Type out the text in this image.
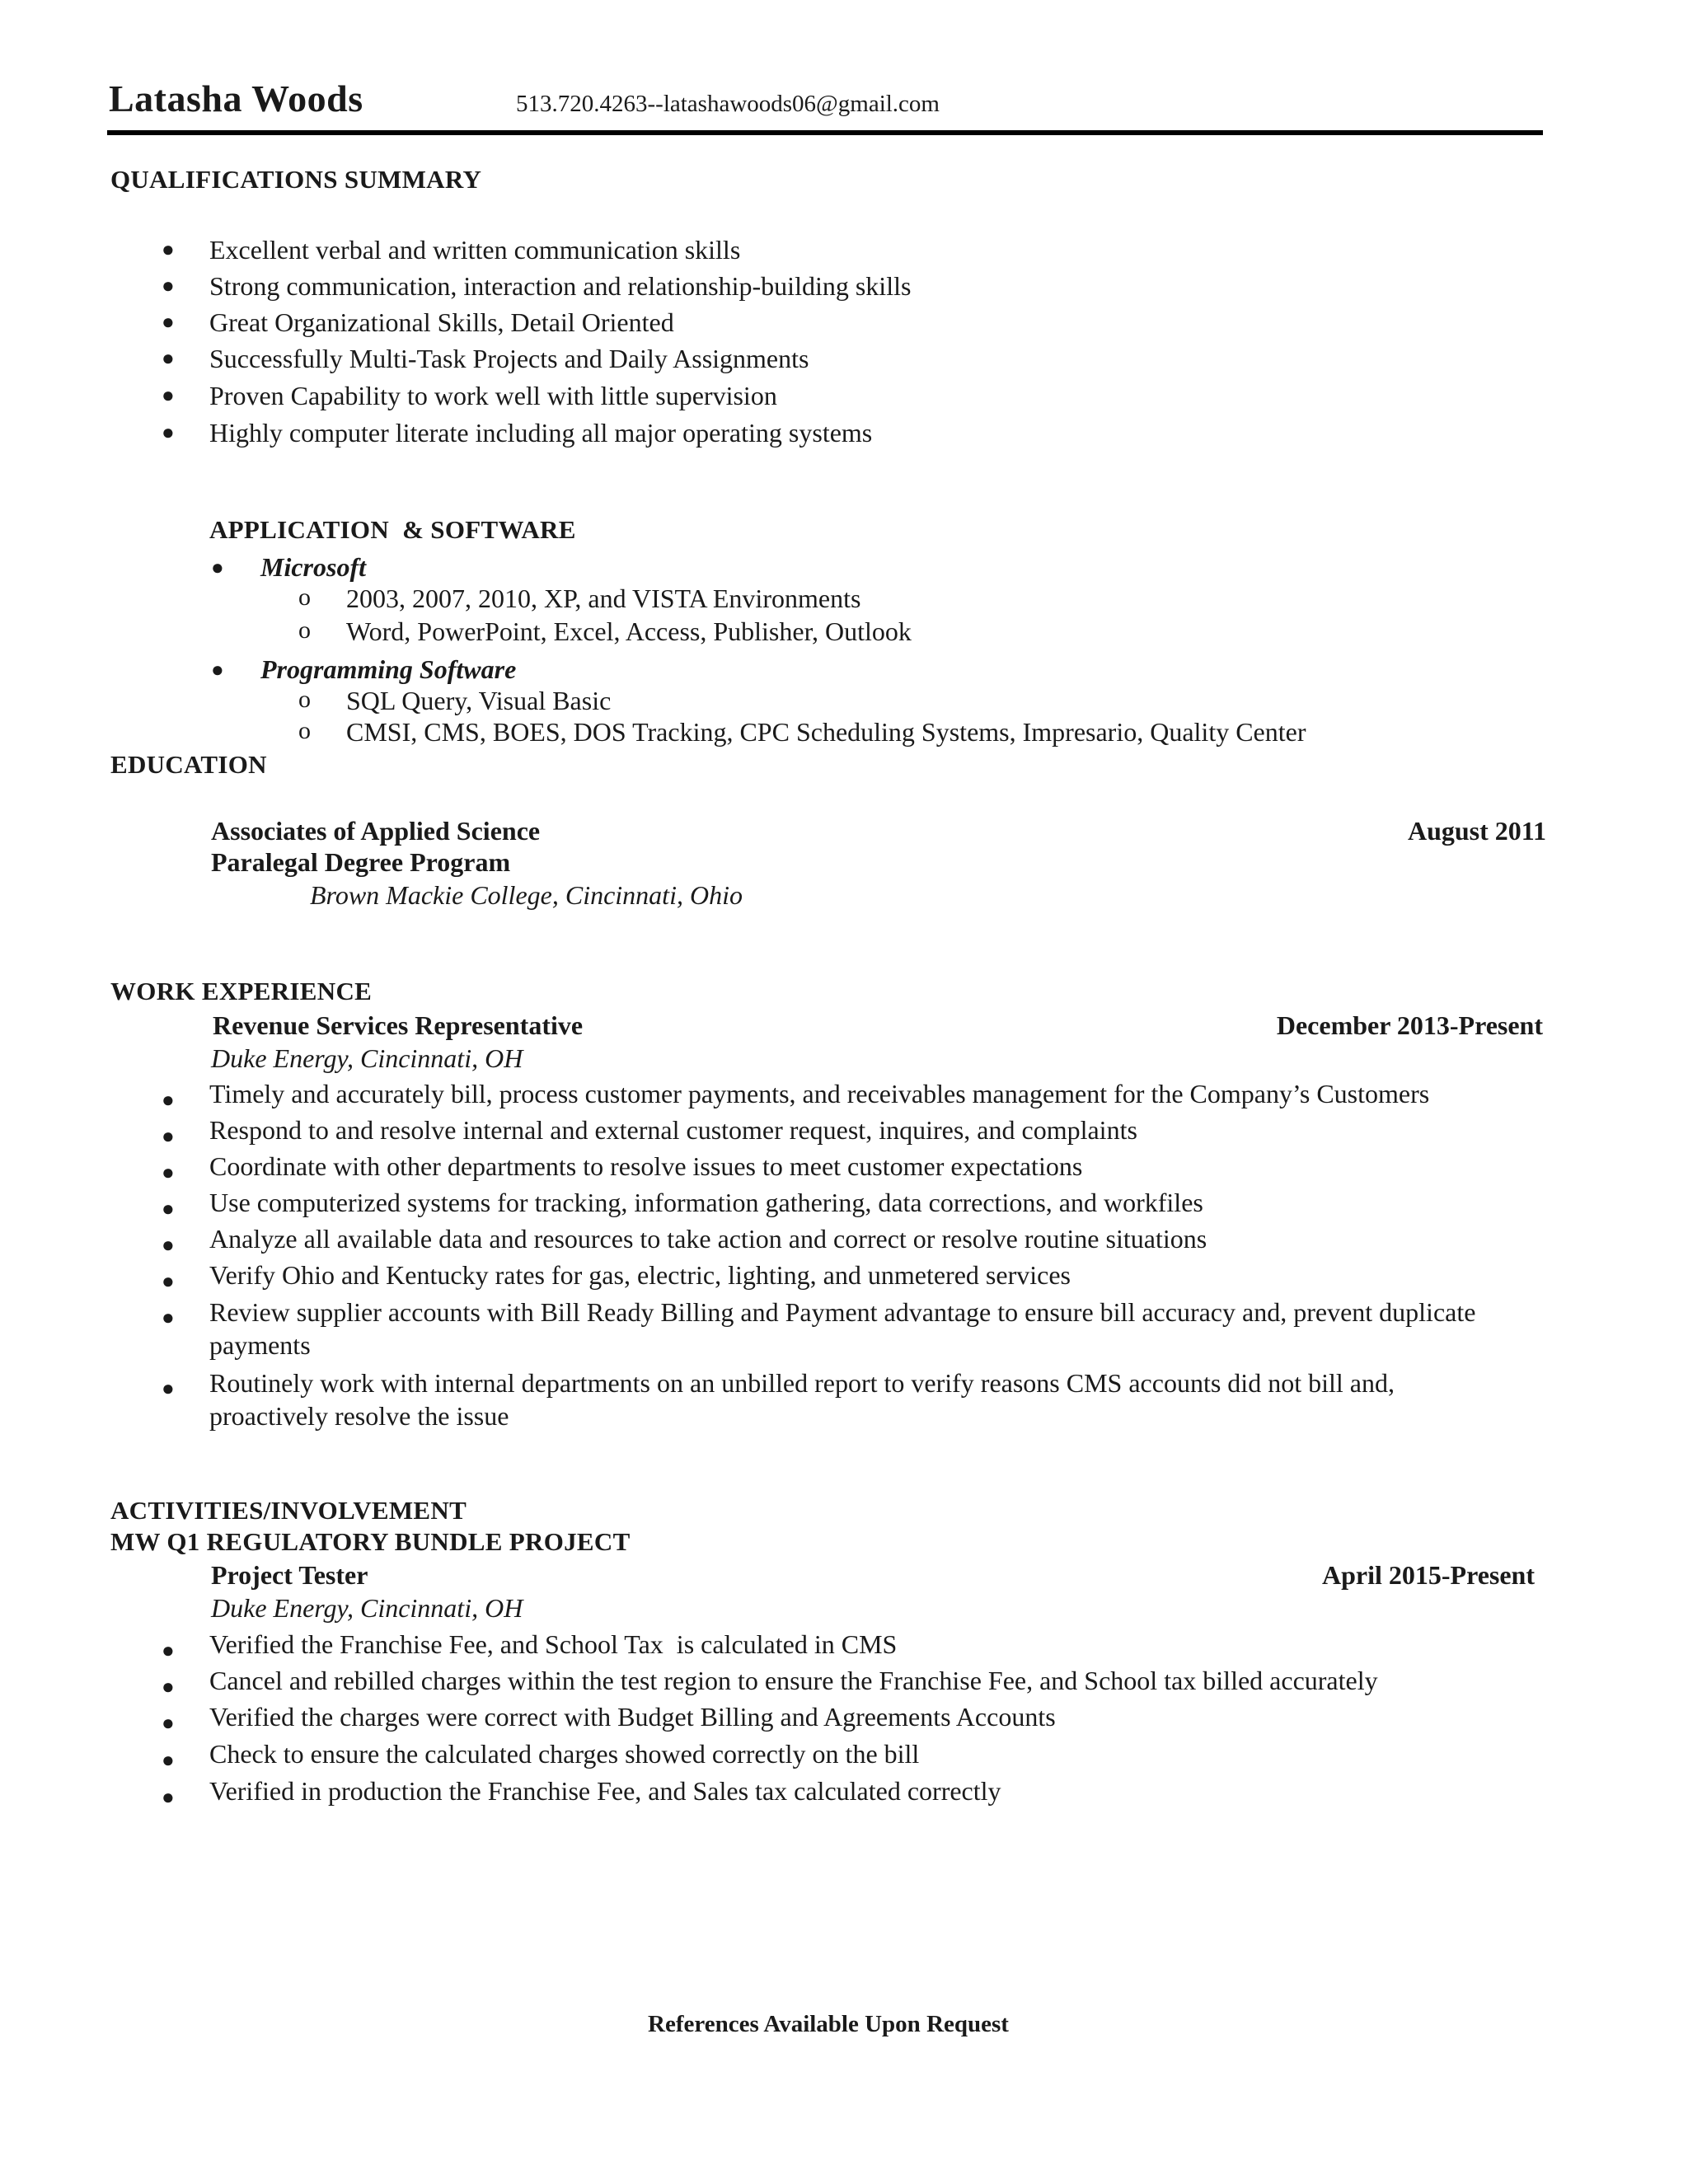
Latasha Woods	513.720.4263--latashawoods06@gmail.com
QUALIFICATIONS SUMMARY
● Excellent verbal and written communication skills
● Strong communication, interaction and relationship-building skills
● Great Organizational Skills, Detail Oriented
● Successfully Multi-Task Projects and Daily Assignments
● Proven Capability to work well with little supervision
● Highly computer literate including all major operating systems
APPLICATION  & SOFTWARE
● Microsoft
o 2003, 2007, 2010, XP, and VISTA Environments
o Word, PowerPoint, Excel, Access, Publisher, Outlook
● Programming Software
o SQL Query, Visual Basic
o CMSI, CMS, BOES, DOS Tracking, CPC Scheduling Systems, Impresario, Quality Center
EDUCATION
Associates of Applied Science	August 2011
Paralegal Degree Program
Brown Mackie College, Cincinnati, Ohio
WORK EXPERIENCE
Revenue Services Representative	December 2013-Present
Duke Energy, Cincinnati, OH
● Timely and accurately bill, process customer payments, and receivables management for the Company’s Customers
● Respond to and resolve internal and external customer request, inquires, and complaints
● Coordinate with other departments to resolve issues to meet customer expectations
● Use computerized systems for tracking, information gathering, data corrections, and workfiles
● Analyze all available data and resources to take action and correct or resolve routine situations
● Verify Ohio and Kentucky rates for gas, electric, lighting, and unmetered services
● Review supplier accounts with Bill Ready Billing and Payment advantage to ensure bill accuracy and, prevent duplicate payments
● Routinely work with internal departments on an unbilled report to verify reasons CMS accounts did not bill and, proactively resolve the issue
ACTIVITIES/INVOLVEMENT
MW Q1 REGULATORY BUNDLE PROJECT
Project Tester	April 2015-Present
Duke Energy, Cincinnati, OH
● Verified the Franchise Fee, and School Tax  is calculated in CMS
● Cancel and rebilled charges within the test region to ensure the Franchise Fee, and School tax billed accurately
● Verified the charges were correct with Budget Billing and Agreements Accounts
● Check to ensure the calculated charges showed correctly on the bill
● Verified in production the Franchise Fee, and Sales tax calculated correctly
References Available Upon Request
